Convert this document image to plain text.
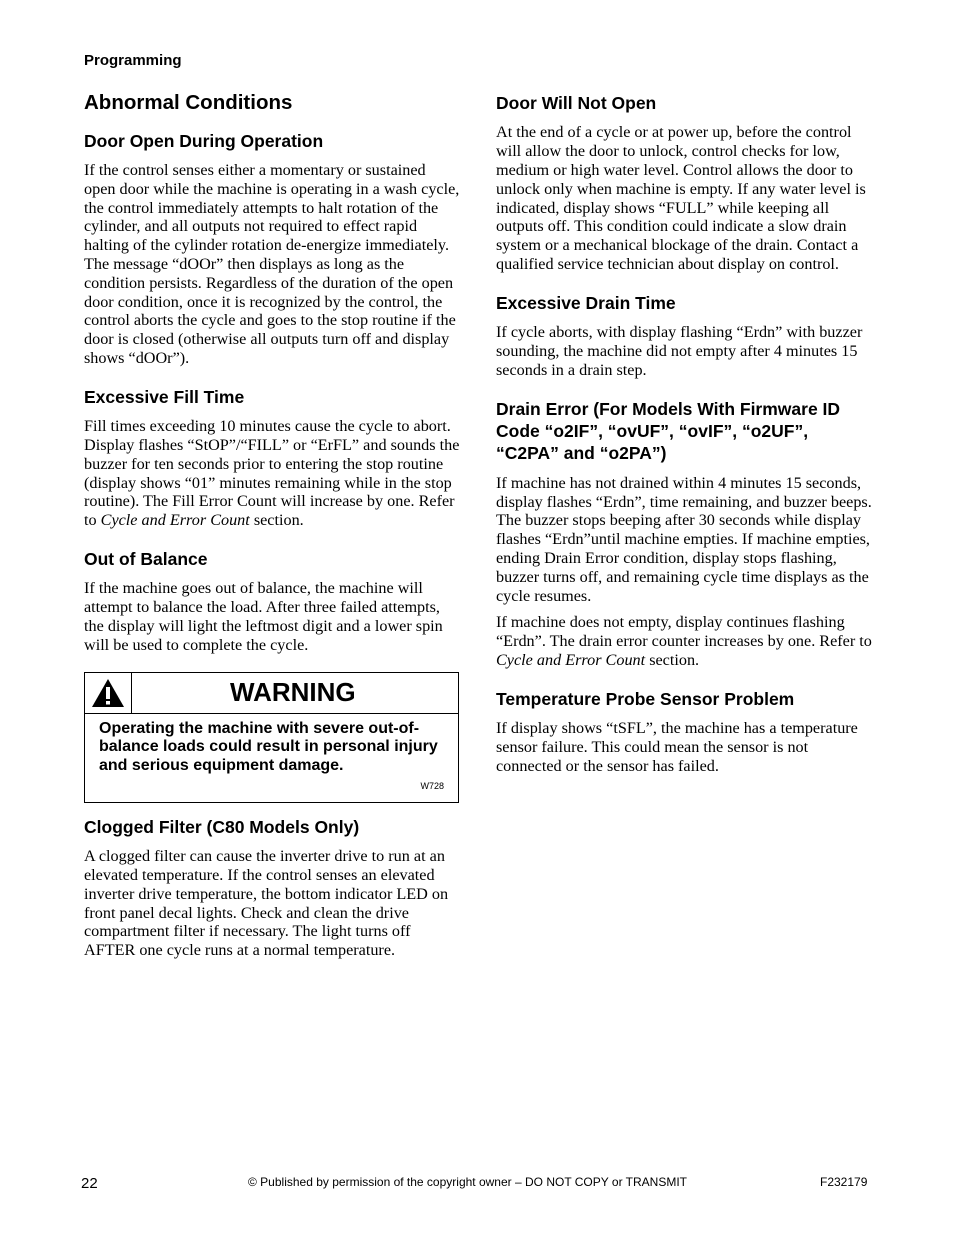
Programming
Abnormal Conditions
Door Open During Operation

If the control senses either a momentary or sustained open door while the machine is operating in a wash cycle, the control immediately attempts to halt rotation of the cylinder, and all outputs not required to effect rapid halting of the cylinder rotation de-energize immediately. The message “dOOr” then displays as long as the condition persists. Regardless of the duration of the open door condition, once it is recognized by the control, the control aborts the cycle and goes to the stop routine if the door is closed (otherwise all outputs turn off and display shows “dOOr”).

Excessive Fill Time

Fill times exceeding 10 minutes cause the cycle to abort. Display flashes “StOP”/“FILL” or “ErFL” and sounds the buzzer for ten seconds prior to entering the stop routine (display shows “01” minutes remaining while in the stop routine). The Fill Error Count will increase by one. Refer to Cycle and Error Count section.

Out of Balance

If the machine goes out of balance, the machine will attempt to balance the load. After three failed attempts, the display will light the leftmost digit and a lower spin will be used to complete the cycle.

WARNING
Operating the machine with severe out-of-balance loads could result in personal injury and serious equipment damage.
W728
Clogged Filter (C80 Models Only)

A clogged filter can cause the inverter drive to run at an elevated temperature. If the control senses an elevated inverter drive temperature, the bottom indicator LED on front panel decal lights. Check and clean the drive compartment filter if necessary. The light turns off AFTER one cycle runs at a normal temperature.

Door Will Not Open

At the end of a cycle or at power up, before the control will allow the door to unlock, control checks for low, medium or high water level. Control allows the door to unlock only when machine is empty. If any water level is indicated, display shows “FULL” while keeping all outputs off. This condition could indicate a slow drain system or a mechanical blockage of the drain. Contact a qualified service technician about display on control.

Excessive Drain Time

If cycle aborts, with display flashing “Erdn” with buzzer sounding, the machine did not empty after 4 minutes 15 seconds in a drain step.

Drain Error (For Models With Firmware ID Code “o2IF”, “ovUF”, “ovIF”, “o2UF”, “C2PA” and “o2PA”)

If machine has not drained within 4 minutes 15 seconds, display flashes “Erdn”, time remaining, and buzzer beeps. The buzzer stops beeping after 30 seconds while display flashes “Erdn”until machine empties. If machine empties, ending Drain Error condition, display stops flashing, buzzer turns off, and remaining cycle time displays as the cycle resumes.

If machine does not empty, display continues flashing “Erdn”. The drain error counter increases by one. Refer to Cycle and Error Count section.

Temperature Probe Sensor Problem

If display shows “tSFL”, the machine has a temperature sensor failure. This could mean the sensor is not connected or the sensor has failed.

22	© Published by permission of the copyright owner – DO NOT COPY or TRANSMIT	F232179
